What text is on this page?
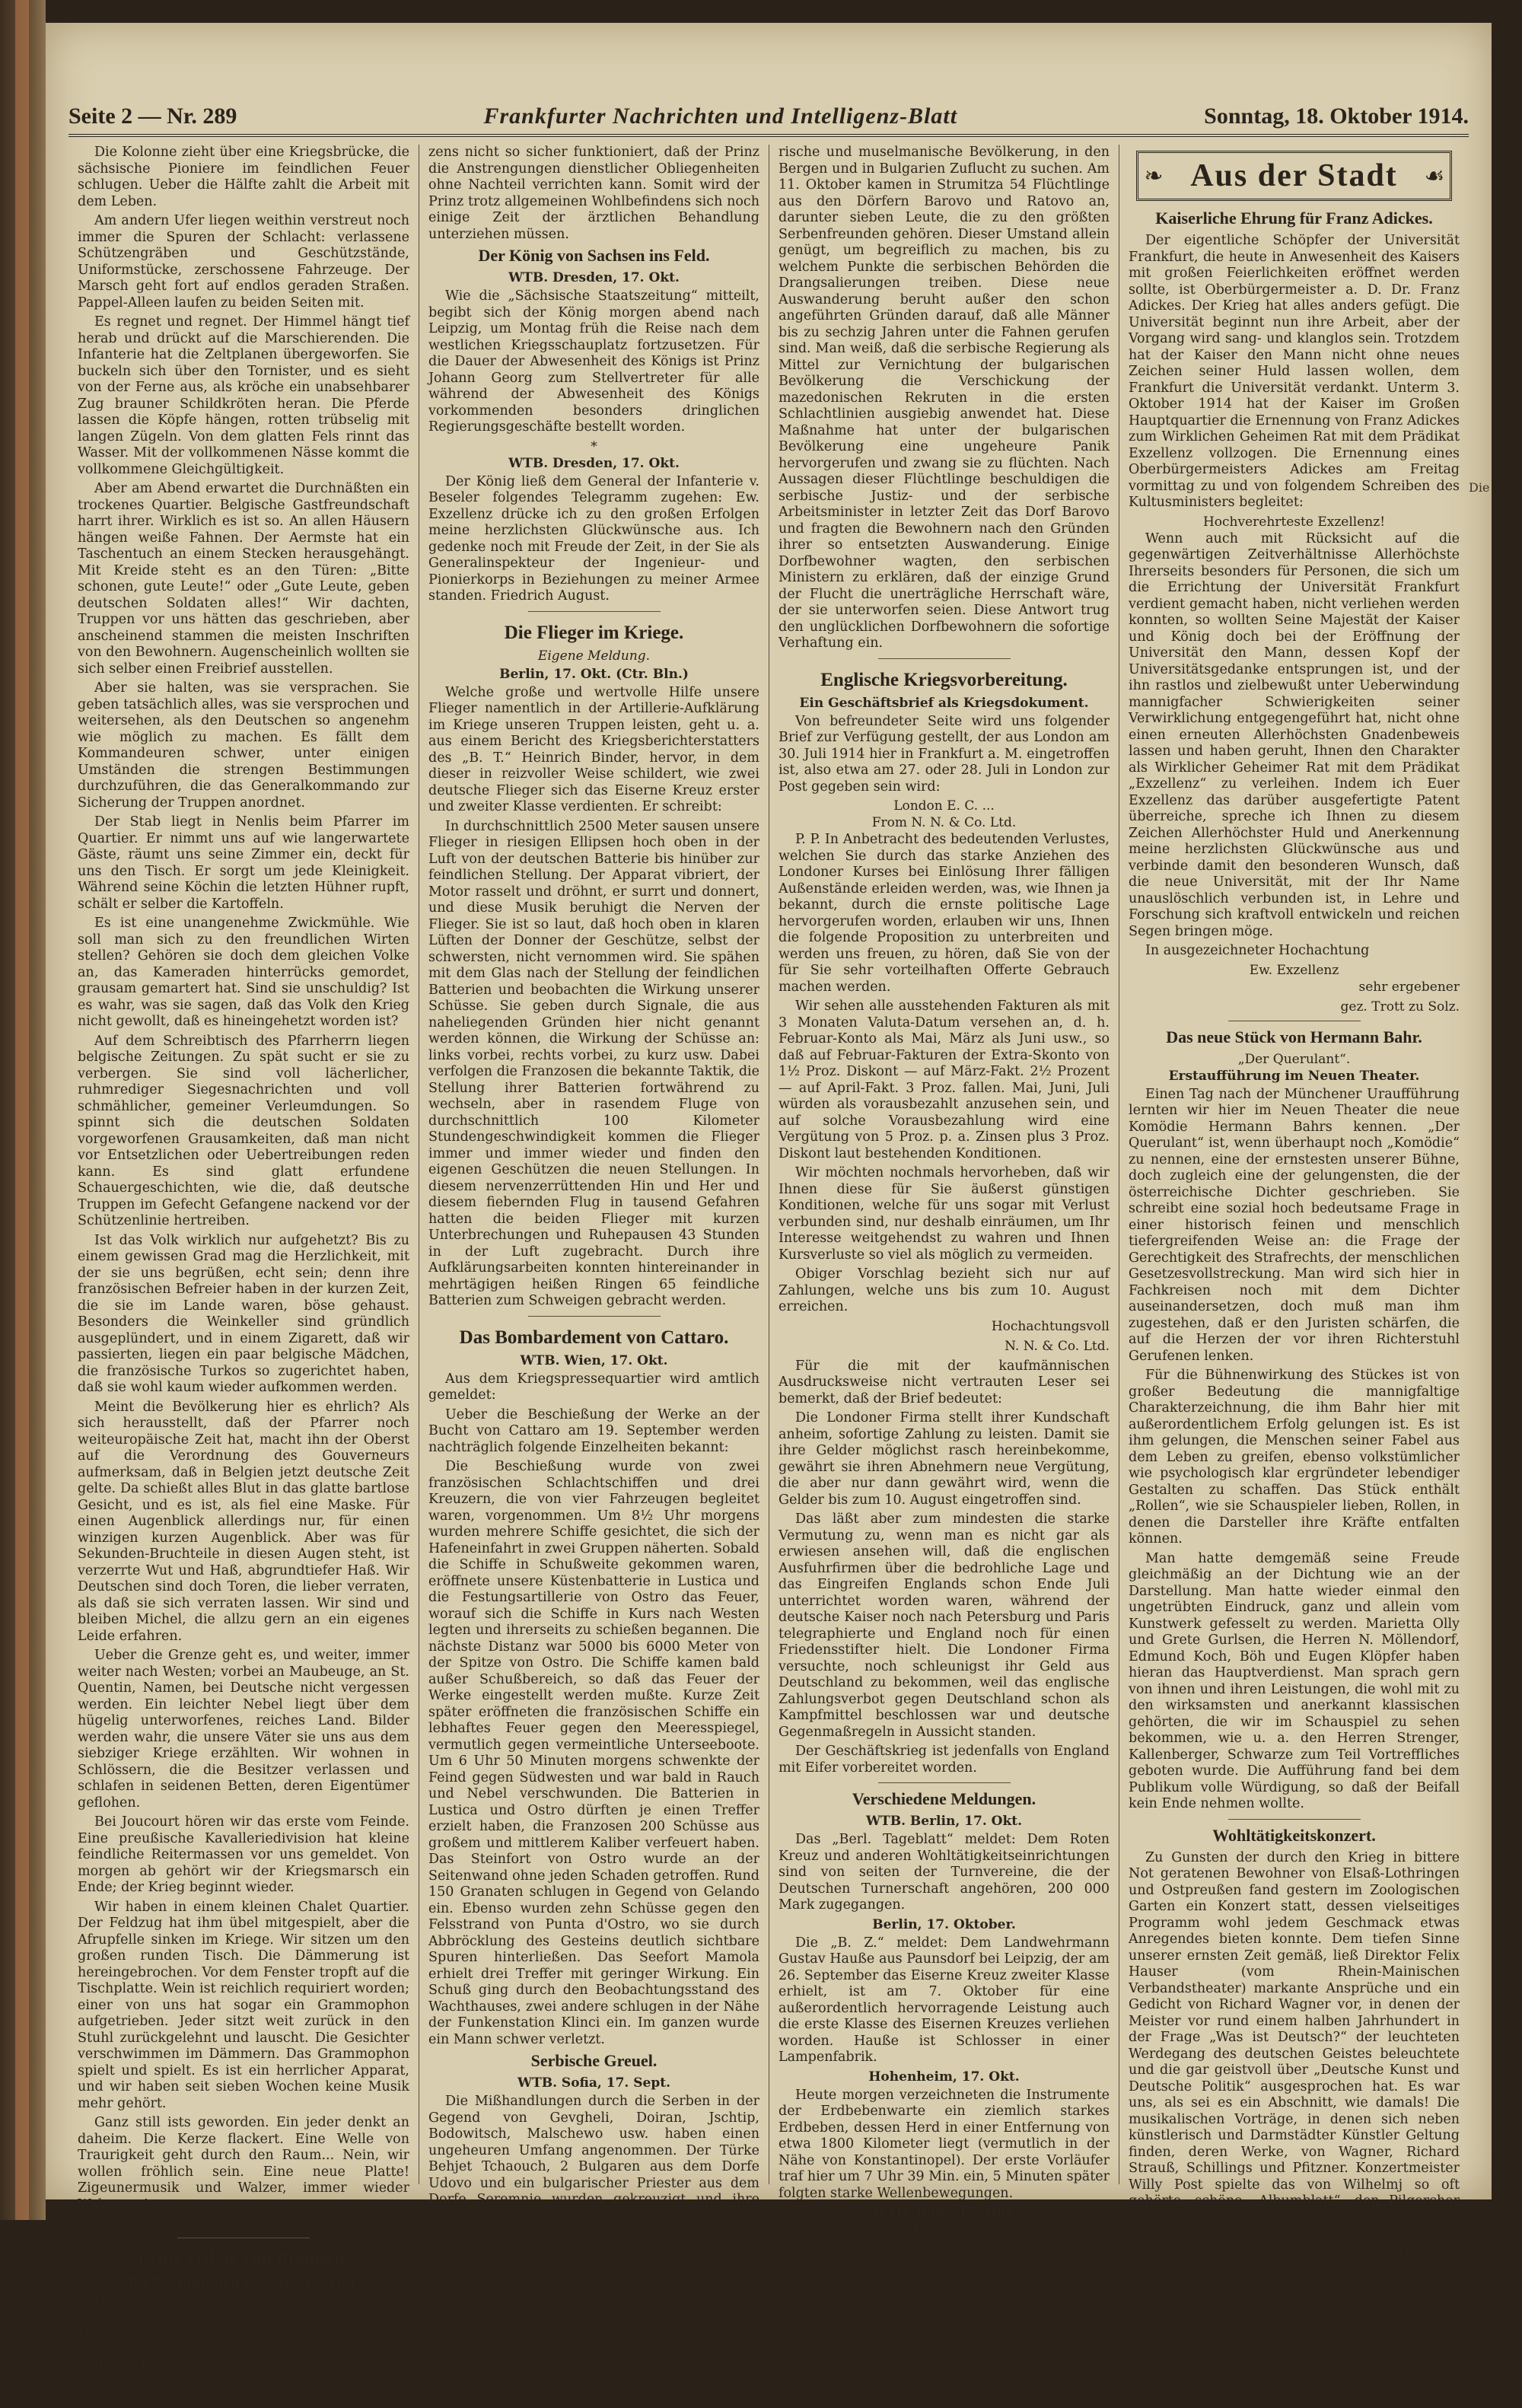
Seite 2 — Nr. 289	Frankfurter Nachrichten und Intelligenz-Blatt	Sonntag, 18. Oktober 1914.

Die Kolonne zieht über eine Kriegsbrücke, die sächsische Pioniere im feindlichen Feuer schlugen. Ueber die Hälfte zahlt die Arbeit mit dem Leben.

Am andern Ufer liegen weithin verstreut noch immer die Spuren der Schlacht: verlassene Schützengräben und Geschützstände, Uniformstücke, zerschossene Fahrzeuge. Der Marsch geht fort auf endlos geraden Straßen. Pappel-Alleen laufen zu beiden Seiten mit.

Es regnet und regnet. Der Himmel hängt tief herab und drückt auf die Marschierenden. Die Infanterie hat die Zeltplanen übergeworfen. Sie buckeln sich über den Tornister, und es sieht von der Ferne aus, als kröche ein unabsehbarer Zug brauner Schildkröten heran. Die Pferde lassen die Köpfe hängen, rotten trübselig mit langen Zügeln. Von dem glatten Fels rinnt das Wasser. Mit der vollkommenen Nässe kommt die vollkommene Gleichgültigkeit.

Aber am Abend erwartet die Durchnäßten ein trockenes Quartier. Belgische Gastfreundschaft harrt ihrer. Wirklich es ist so. An allen Häusern hängen weiße Fahnen. Der Aermste hat ein Taschentuch an einem Stecken herausgehängt. Mit Kreide steht es an den Türen: „Bitte schonen, gute Leute!“ oder „Gute Leute, geben deutschen Soldaten alles!“ Wir dachten, Truppen vor uns hätten das geschrieben, aber anscheinend stammen die meisten Inschriften von den Bewohnern. Augenscheinlich wollten sie sich selber einen Freibrief ausstellen.

Aber sie halten, was sie versprachen. Sie geben tatsächlich alles, was sie versprochen und weitersehen, als den Deutschen so angenehm wie möglich zu machen. Es fällt dem Kommandeuren schwer, unter einigen Umständen die strengen Bestimmungen durchzuführen, die das Generalkommando zur Sicherung der Truppen anordnet.

Der Stab liegt in Nenlis beim Pfarrer im Quartier. Er nimmt uns auf wie langerwartete Gäste, räumt uns seine Zimmer ein, deckt für uns den Tisch. Er sorgt um jede Kleinigkeit. Während seine Köchin die letzten Hühner rupft, schält er selber die Kartoffeln.

Es ist eine unangenehme Zwickmühle. Wie soll man sich zu den freundlichen Wirten stellen? Gehören sie doch dem gleichen Volke an, das Kameraden hinterrücks gemordet, grausam gemartert hat. Sind sie unschuldig? Ist es wahr, was sie sagen, daß das Volk den Krieg nicht gewollt, daß es hineingehetzt worden ist?

Auf dem Schreibtisch des Pfarrherrn liegen belgische Zeitungen. Zu spät sucht er sie zu verbergen. Sie sind voll lächerlicher, ruhmrediger Siegesnachrichten und voll schmählicher, gemeiner Verleumdungen. So spinnt sich die deutschen Soldaten vorgeworfenen Grausamkeiten, daß man nicht vor Entsetzlichen oder Uebertreibungen reden kann. Es sind glatt erfundene Schauergeschichten, wie die, daß deutsche Truppen im Gefecht Gefangene nackend vor der Schützenlinie hertreiben.

Ist das Volk wirklich nur aufgehetzt? Bis zu einem gewissen Grad mag die Herzlichkeit, mit der sie uns begrüßen, echt sein; denn ihre französischen Befreier haben in der kurzen Zeit, die sie im Lande waren, böse gehaust. Besonders die Weinkeller sind gründlich ausgeplündert, und in einem Zigarett, daß wir passierten, liegen ein paar belgische Mädchen, die französische Turkos so zugerichtet haben, daß sie wohl kaum wieder aufkommen werden.

Meint die Bevölkerung hier es ehrlich? Als sich herausstellt, daß der Pfarrer noch weiteuropäische Zeit hat, macht ihn der Oberst auf die Verordnung des Gouverneurs aufmerksam, daß in Belgien jetzt deutsche Zeit gelte. Da schießt alles Blut in das glatte bartlose Gesicht, und es ist, als fiel eine Maske. Für einen Augenblick allerdings nur, für einen winzigen kurzen Augenblick. Aber was für Sekunden-Bruchteile in diesen Augen steht, ist verzerrte Wut und Haß, abgrundtiefer Haß. Wir Deutschen sind doch Toren, die lieber verraten, als daß sie sich verraten lassen. Wir sind und bleiben Michel, die allzu gern an ein eigenes Leide erfahren.

Ueber die Grenze geht es, und weiter, immer weiter nach Westen; vorbei an Maubeuge, an St. Quentin, Namen, bei Deutsche nicht vergessen werden. Ein leichter Nebel liegt über dem hügelig unterworfenes, reiches Land. Bilder werden wahr, die unsere Väter sie uns aus dem siebziger Kriege erzählten. Wir wohnen in Schlössern, die die Besitzer verlassen und schlafen in seidenen Betten, deren Eigentümer geflohen.

Bei Joucourt hören wir das erste vom Feinde. Eine preußische Kavalleriedivision hat kleine feindliche Reitermassen vor uns gemeldet. Von morgen ab gehört wir der Kriegsmarsch ein Ende; der Krieg beginnt wieder.

Wir haben in einem kleinen Chalet Quartier. Der Feldzug hat ihm übel mitgespielt, aber die Afrupfelle sinken im Kriege. Wir sitzen um den großen runden Tisch. Die Dämmerung ist hereingebrochen. Vor dem Fenster tropft auf die Tischplatte. Wein ist reichlich requiriert worden; einer von uns hat sogar ein Grammophon aufgetrieben. Jeder sitzt weit zurück in den Stuhl zurückgelehnt und lauscht. Die Gesichter verschwimmen im Dämmern. Das Grammophon spielt und spielt. Es ist ein herrlicher Apparat, und wir haben seit sieben Wochen keine Musik mehr gehört.

Ganz still ists geworden. Ein jeder denkt an daheim. Die Kerze flackert. Eine Welle von Traurigkeit geht durch den Raum... Nein, wir wollen fröhlich sein. Eine neue Platte! Zigeunermusik und Walzer, immer wieder Walzer.....!

Colin Roß.
Prinz Oskar von Preußen.
WTB. Homburg v. d. H., 17. Okt.

Die Genesung des Prinzen Oskar von der in dem Gefecht bei Verdun zugezogenen Herzmuskelaffektion schreitet nicht so schnell vorwärts, als es ursprünglich den Anschein hatte. Eine Röntgenuntersuchung durch Professor Dr. Grödel, Frankfurt a. M. ergab, daß die Muskelkraft des Herzens

zens nicht so sicher funktioniert, daß der Prinz die Anstrengungen dienstlicher Obliegenheiten ohne Nachteil verrichten kann. Somit wird der Prinz trotz allgemeinen Wohlbefindens sich noch einige Zeit der ärztlichen Behandlung unterziehen müssen.

Der König von Sachsen ins Feld.
WTB. Dresden, 17. Okt.

Wie die „Sächsische Staatszeitung“ mitteilt, begibt sich der König morgen abend nach Leipzig, um Montag früh die Reise nach dem westlichen Kriegsschauplatz fortzusetzen. Für die Dauer der Abwesenheit des Königs ist Prinz Johann Georg zum Stellvertreter für alle während der Abwesenheit des Königs vorkommenden besonders dringlichen Regierungsgeschäfte bestellt worden.

*
WTB. Dresden, 17. Okt.

Der König ließ dem General der Infanterie v. Beseler folgendes Telegramm zugehen: Ew. Exzellenz drücke ich zu den großen Erfolgen meine herzlichsten Glückwünsche aus. Ich gedenke noch mit Freude der Zeit, in der Sie als Generalinspekteur der Ingenieur- und Pionierkorps in Beziehungen zu meiner Armee standen. Friedrich August.

Die Flieger im Kriege.
Eigene Meldung.
Berlin, 17. Okt. (Ctr. Bln.)

Welche große und wertvolle Hilfe unsere Flieger namentlich in der Artillerie-Aufklärung im Kriege unseren Truppen leisten, geht u. a. aus einem Bericht des Kriegsberichterstatters des „B. T.“ Heinrich Binder, hervor, in dem dieser in reizvoller Weise schildert, wie zwei deutsche Flieger sich das Eiserne Kreuz erster und zweiter Klasse verdienten. Er schreibt:

In durchschnittlich 2500 Meter sausen unsere Flieger in riesigen Ellipsen hoch oben in der Luft von der deutschen Batterie bis hinüber zur feindlichen Stellung. Der Apparat vibriert, der Motor rasselt und dröhnt, er surrt und donnert, und diese Musik beruhigt die Nerven der Flieger. Sie ist so laut, daß hoch oben in klaren Lüften der Donner der Geschütze, selbst der schwersten, nicht vernommen wird. Sie spähen mit dem Glas nach der Stellung der feindlichen Batterien und beobachten die Wirkung unserer Schüsse. Sie geben durch Signale, die aus naheliegenden Gründen hier nicht genannt werden können, die Wirkung der Schüsse an: links vorbei, rechts vorbei, zu kurz usw. Dabei verfolgen die Franzosen die bekannte Taktik, die Stellung ihrer Batterien fortwährend zu wechseln, aber in rasendem Fluge von durchschnittlich 100 Kilometer Stundengeschwindigkeit kommen die Flieger immer und immer wieder und finden den eigenen Geschützen die neuen Stellungen. In diesem nervenzerrüttenden Hin und Her und diesem fiebernden Flug in tausend Gefahren hatten die beiden Flieger mit kurzen Unterbrechungen und Ruhepausen 43 Stunden in der Luft zugebracht. Durch ihre Aufklärungsarbeiten konnten hintereinander in mehrtägigen heißen Ringen 65 feindliche Batterien zum Schweigen gebracht werden.

Das Bombardement von Cattaro.
WTB. Wien, 17. Okt.

Aus dem Kriegspressequartier wird amtlich gemeldet:

Ueber die Beschießung der Werke an der Bucht von Cattaro am 19. September werden nachträglich folgende Einzelheiten bekannt:

Die Beschießung wurde von zwei französischen Schlachtschiffen und drei Kreuzern, die von vier Fahrzeugen begleitet waren, vorgenommen. Um 8½ Uhr morgens wurden mehrere Schiffe gesichtet, die sich der Hafeneinfahrt in zwei Gruppen näherten. Sobald die Schiffe in Schußweite gekommen waren, eröffnete unsere Küstenbatterie in Lustica und die Festungsartillerie von Ostro das Feuer, worauf sich die Schiffe in Kurs nach Westen legten und ihrerseits zu schießen begannen. Die nächste Distanz war 5000 bis 6000 Meter von der Spitze von Ostro. Die Schiffe kamen bald außer Schußbereich, so daß das Feuer der Werke eingestellt werden mußte. Kurze Zeit später eröffneten die französischen Schiffe ein lebhaftes Feuer gegen den Meeresspiegel, vermutlich gegen vermeintliche Unterseeboote. Um 6 Uhr 50 Minuten morgens schwenkte der Feind gegen Südwesten und war bald in Rauch und Nebel verschwunden. Die Batterien in Lustica und Ostro dürften je einen Treffer erzielt haben, die Franzosen 200 Schüsse aus großem und mittlerem Kaliber verfeuert haben. Das Steinfort von Ostro wurde an der Seitenwand ohne jeden Schaden getroffen. Rund 150 Granaten schlugen in Gegend von Gelando ein. Ebenso wurden zehn Schüsse gegen den Felsstrand von Punta d'Ostro, wo sie durch Abbröcklung des Gesteins deutlich sichtbare Spuren hinterließen. Das Seefort Mamola erhielt drei Treffer mit geringer Wirkung. Ein Schuß ging durch den Beobachtungsstand des Wachthauses, zwei andere schlugen in der Nähe der Funkenstation Klinci ein. Im ganzen wurde ein Mann schwer verletzt.

Serbische Greuel.
WTB. Sofia, 17. Sept.

Die Mißhandlungen durch die Serben in der Gegend von Gevgheli, Doiran, Jschtip, Bodowitsch, Malschewo usw. haben einen ungeheuren Umfang angenommen. Der Türke Behjet Tchaouch, 2 Bulgaren aus dem Dorfe Udovo und ein bulgarischer Priester aus dem Dorfe Seremnie wurden gekreuzigt und ihre Hände angenagelt; eine Tat, die nicht anders ist als den Türken gegenüber ein neuestes Eingreifen der türkischen Herrschaft. Außerdem wurden systematische Ermordungen und Räubereien die bulga-

rische und muselmanische Bevölkerung, in den Bergen und in Bulgarien Zuflucht zu suchen. Am 11. Oktober kamen in Strumitza 54 Flüchtlinge aus den Dörfern Barovo und Ratovo an, darunter sieben Leute, die zu den größten Serbenfreunden gehören. Dieser Umstand allein genügt, um begreiflich zu machen, bis zu welchem Punkte die serbischen Behörden die Drangsalierungen treiben. Diese neue Auswanderung beruht außer den schon angeführten Gründen darauf, daß alle Männer bis zu sechzig Jahren unter die Fahnen gerufen sind. Man weiß, daß die serbische Regierung als Mittel zur Vernichtung der bulgarischen Bevölkerung die Verschickung der mazedonischen Rekruten in die ersten Schlachtlinien ausgiebig anwendet hat. Diese Maßnahme hat unter der bulgarischen Bevölkerung eine ungeheure Panik hervorgerufen und zwang sie zu flüchten. Nach Aussagen dieser Flüchtlinge beschuldigen die serbische Justiz- und der serbische Arbeitsminister in letzter Zeit das Dorf Barovo und fragten die Bewohnern nach den Gründen ihrer so entsetzten Auswanderung. Einige Dorfbewohner wagten, den serbischen Ministern zu erklären, daß der einzige Grund der Flucht die unerträgliche Herrschaft wäre, der sie unterworfen seien. Diese Antwort trug den unglücklichen Dorfbewohnern die sofortige Verhaftung ein.

Englische Kriegsvorbereitung.
Ein Geschäftsbrief als Kriegsdokument.

Von befreundeter Seite wird uns folgender Brief zur Verfügung gestellt, der aus London am 30. Juli 1914 hier in Frankfurt a. M. eingetroffen ist, also etwa am 27. oder 28. Juli in London zur Post gegeben sein wird:

London E. C. ...
From N. N. & Co. Ltd.

P. P. In Anbetracht des bedeutenden Verlustes, welchen Sie durch das starke Anziehen des Londoner Kurses bei Einlösung Ihrer fälligen Außenstände erleiden werden, was, wie Ihnen ja bekannt, durch die ernste politische Lage hervorgerufen worden, erlauben wir uns, Ihnen die folgende Proposition zu unterbreiten und werden uns freuen, zu hören, daß Sie von der für Sie sehr vorteilhaften Offerte Gebrauch machen werden.

Wir sehen alle ausstehenden Fakturen als mit 3 Monaten Valuta-Datum versehen an, d. h. Februar-Konto als Mai, März als Juni usw., so daß auf Februar-Fakturen der Extra-Skonto von 1½ Proz. Diskont — auf März-Fakt. 2½ Prozent — auf April-Fakt. 3 Proz. fallen. Mai, Juni, Juli würden als vorausbezahlt anzusehen sein, und auf solche Vorausbezahlung wird eine Vergütung von 5 Proz. p. a. Zinsen plus 3 Proz. Diskont laut bestehenden Konditionen.

Wir möchten nochmals hervorheben, daß wir Ihnen diese für Sie äußerst günstigen Konditionen, welche für uns sogar mit Verlust verbunden sind, nur deshalb einräumen, um Ihr Interesse weitgehendst zu wahren und Ihnen Kursverluste so viel als möglich zu vermeiden.

Obiger Vorschlag bezieht sich nur auf Zahlungen, welche uns bis zum 10. August erreichen.

Hochachtungsvoll
N. N. & Co. Ltd.

Für die mit der kaufmännischen Ausdrucksweise nicht vertrauten Leser sei bemerkt, daß der Brief bedeutet:

Die Londoner Firma stellt ihrer Kundschaft anheim, sofortige Zahlung zu leisten. Damit sie ihre Gelder möglichst rasch hereinbekomme, gewährt sie ihren Abnehmern neue Vergütung, die aber nur dann gewährt wird, wenn die Gelder bis zum 10. August eingetroffen sind.

Das läßt aber zum mindesten die starke Vermutung zu, wenn man es nicht gar als erwiesen ansehen will, daß die englischen Ausfuhrfirmen über die bedrohliche Lage und das Eingreifen Englands schon Ende Juli unterrichtet worden waren, während der deutsche Kaiser noch nach Petersburg und Paris telegraphierte und England noch für einen Friedensstifter hielt. Die Londoner Firma versuchte, noch schleunigst ihr Geld aus Deutschland zu bekommen, weil das englische Zahlungsverbot gegen Deutschland schon als Kampfmittel beschlossen war und deutsche Gegenmaßregeln in Aussicht standen.

Der Geschäftskrieg ist jedenfalls von England mit Eifer vorbereitet worden.

Verschiedene Meldungen.
WTB. Berlin, 17. Okt.

Das „Berl. Tageblatt“ meldet: Dem Roten Kreuz und anderen Wohltätigkeitseinrichtungen sind von seiten der Turnvereine, die der Deutschen Turnerschaft angehören, 200 000 Mark zugegangen.

Berlin, 17. Oktober.

Die „B. Z.“ meldet: Dem Landwehrmann Gustav Hauße aus Paunsdorf bei Leipzig, der am 26. September das Eiserne Kreuz zweiter Klasse erhielt, ist am 7. Oktober für eine außerordentlich hervorragende Leistung auch die erste Klasse des Eisernen Kreuzes verliehen worden. Hauße ist Schlosser in einer Lampenfabrik.

Hohenheim, 17. Okt.

Heute morgen verzeichneten die Instrumente der Erdbebenwarte ein ziemlich starkes Erdbeben, dessen Herd in einer Entfernung von etwa 1800 Kilometer liegt (vermutlich in der Nähe von Konstantinopel). Der erste Vorläufer traf hier um 7 Uhr 39 Min. ein, 5 Minuten später folgten starke Wellenbewegungen.

WTB. Rom, 17. Okt.

Ein königlicher Erlaß verfügt, gemäß dem Beschlusse des Ministerrats, die Beerdigung di San Giulianos auf Staatskosten. In einem zweiten Erlaß beauftragt den Ministerpräsidenten Salandra mit der einstweiligen Führung der Geschäfte des Ministeriums des Aeußern.

❧ Aus der Stadt ☙
Kaiserliche Ehrung für Franz Adickes.

Der eigentliche Schöpfer der Universität Frankfurt, die heute in Anwesenheit des Kaisers mit großen Feierlichkeiten eröffnet werden sollte, ist Oberbürgermeister a. D. Dr. Franz Adickes. Der Krieg hat alles anders gefügt. Die Universität beginnt nun ihre Arbeit, aber der Vorgang wird sang- und klanglos sein. Trotzdem hat der Kaiser den Mann nicht ohne neues Zeichen seiner Huld lassen wollen, dem Frankfurt die Universität verdankt. Unterm 3. Oktober 1914 hat der Kaiser im Großen Hauptquartier die Ernennung von Franz Adickes zum Wirklichen Geheimen Rat mit dem Prädikat Exzellenz vollzogen. Die Ernennung eines Oberbürgermeisters Adickes am Freitag vormittag zu und von folgendem Schreiben des Kultusministers begleitet:

Hochverehrteste Exzellenz!

Wenn auch mit Rücksicht auf die gegenwärtigen Zeitverhältnisse Allerhöchste Ihrerseits besonders für Personen, die sich um die Errichtung der Universität Frankfurt verdient gemacht haben, nicht verliehen werden konnten, so wollten Seine Majestät der Kaiser und König doch bei der Eröffnung der Universität den Mann, dessen Kopf der Universitätsgedanke entsprungen ist, und der ihn rastlos und zielbewußt unter Ueberwindung mannigfacher Schwierigkeiten seiner Verwirklichung entgegengeführt hat, nicht ohne einen erneuten Allerhöchsten Gnadenbeweis lassen und haben geruht, Ihnen den Charakter als Wirklicher Geheimer Rat mit dem Prädikat „Exzellenz“ zu verleihen. Indem ich Euer Exzellenz das darüber ausgefertigte Patent überreiche, spreche ich Ihnen zu diesem Zeichen Allerhöchster Huld und Anerkennung meine herzlichsten Glückwünsche aus und verbinde damit den besonderen Wunsch, daß die neue Universität, mit der Ihr Name unauslöschlich verbunden ist, in Lehre und Forschung sich kraftvoll entwickeln und reichen Segen bringen möge.

In ausgezeichneter Hochachtung

Ew. Exzellenz
sehr ergebener
gez. Trott zu Solz.
Das neue Stück von Hermann Bahr.
„Der Querulant“.
Erstaufführung im Neuen Theater.

Einen Tag nach der Münchener Uraufführung lernten wir hier im Neuen Theater die neue Komödie Hermann Bahrs kennen. „Der Querulant“ ist, wenn überhaupt noch „Komödie“ zu nennen, eine der ernstesten unserer Bühne, doch zugleich eine der gelungensten, die der österreichische Dichter geschrieben. Sie schreibt eine sozial hoch bedeutsame Frage in einer historisch feinen und menschlich tiefergreifenden Weise an: die Frage der Gerechtigkeit des Strafrechts, der menschlichen Gesetzesvollstreckung. Man wird sich hier in Fachkreisen noch mit dem Dichter auseinandersetzen, doch muß man ihm zugestehen, daß er den Juristen schärfen, die auf die Herzen der vor ihren Richterstuhl Gerufenen lenken.

Für die Bühnenwirkung des Stückes ist von großer Bedeutung die mannigfaltige Charakterzeichnung, die ihm Bahr hier mit außerordentlichem Erfolg gelungen ist. Es ist ihm gelungen, die Menschen seiner Fabel aus dem Leben zu greifen, ebenso volkstümlicher wie psychologisch klar ergründeter lebendiger Gestalten zu schaffen. Das Stück enthält „Rollen“, wie sie Schauspieler lieben, Rollen, in denen die Darsteller ihre Kräfte entfalten können.

Man hatte demgemäß seine Freude gleichmäßig an der Dichtung wie an der Darstellung. Man hatte wieder einmal den ungetrübten Eindruck, ganz und allein vom Kunstwerk gefesselt zu werden. Marietta Olly und Grete Gurlsen, die Herren N. Möllendorf, Edmund Koch, Böh und Eugen Klöpfer haben hieran das Hauptverdienst. Man sprach gern von ihnen und ihren Leistungen, die wohl mit zu den wirksamsten und anerkannt klassischen gehörten, die wir im Schauspiel zu sehen bekommen, wie u. a. den Herren Strenger, Kallenberger, Schwarze zum Teil Vortreffliches geboten wurde. Die Aufführung fand bei dem Publikum volle Würdigung, so daß der Beifall kein Ende nehmen wollte.

Wohltätigkeitskonzert.

Zu Gunsten der durch den Krieg in bittere Not geratenen Bewohner von Elsaß-Lothringen und Ostpreußen fand gestern im Zoologischen Garten ein Konzert statt, dessen vielseitiges Programm wohl jedem Geschmack etwas Anregendes bieten konnte. Dem tiefen Sinne unserer ernsten Zeit gemäß, ließ Direktor Felix Hauser (vom Rhein-Mainischen Verbandstheater) markante Ansprüche und ein Gedicht von Richard Wagner vor, in denen der Meister vor rund einem halben Jahrhundert in der Frage „Was ist Deutsch?“ der leuchteten Werdegang des deutschen Geistes beleuchtete und die gar geistvoll über „Deutsche Kunst und Deutsche Politik“ ausgesprochen hat. Es war uns, als sei es ein Abschnitt, wie damals! Die musikalischen Vorträge, in denen sich neben künstlerisch und Darmstädter Künstler Geltung finden, deren Werke, von Wagner, Richard Strauß, Schillings und Pfitzner. Konzertmeister Willy Post spielte das von Wilhelmj so oft gehörte, schöne „Albumblatt“, den Pilgerchor und die Feuerzauber-Paraphrase von Louis Brassin, und Hermann Koch eine Bearbeitung von Louis Brassin, eine das die Arpeggien entlehnende Bearbeitung von

Die
